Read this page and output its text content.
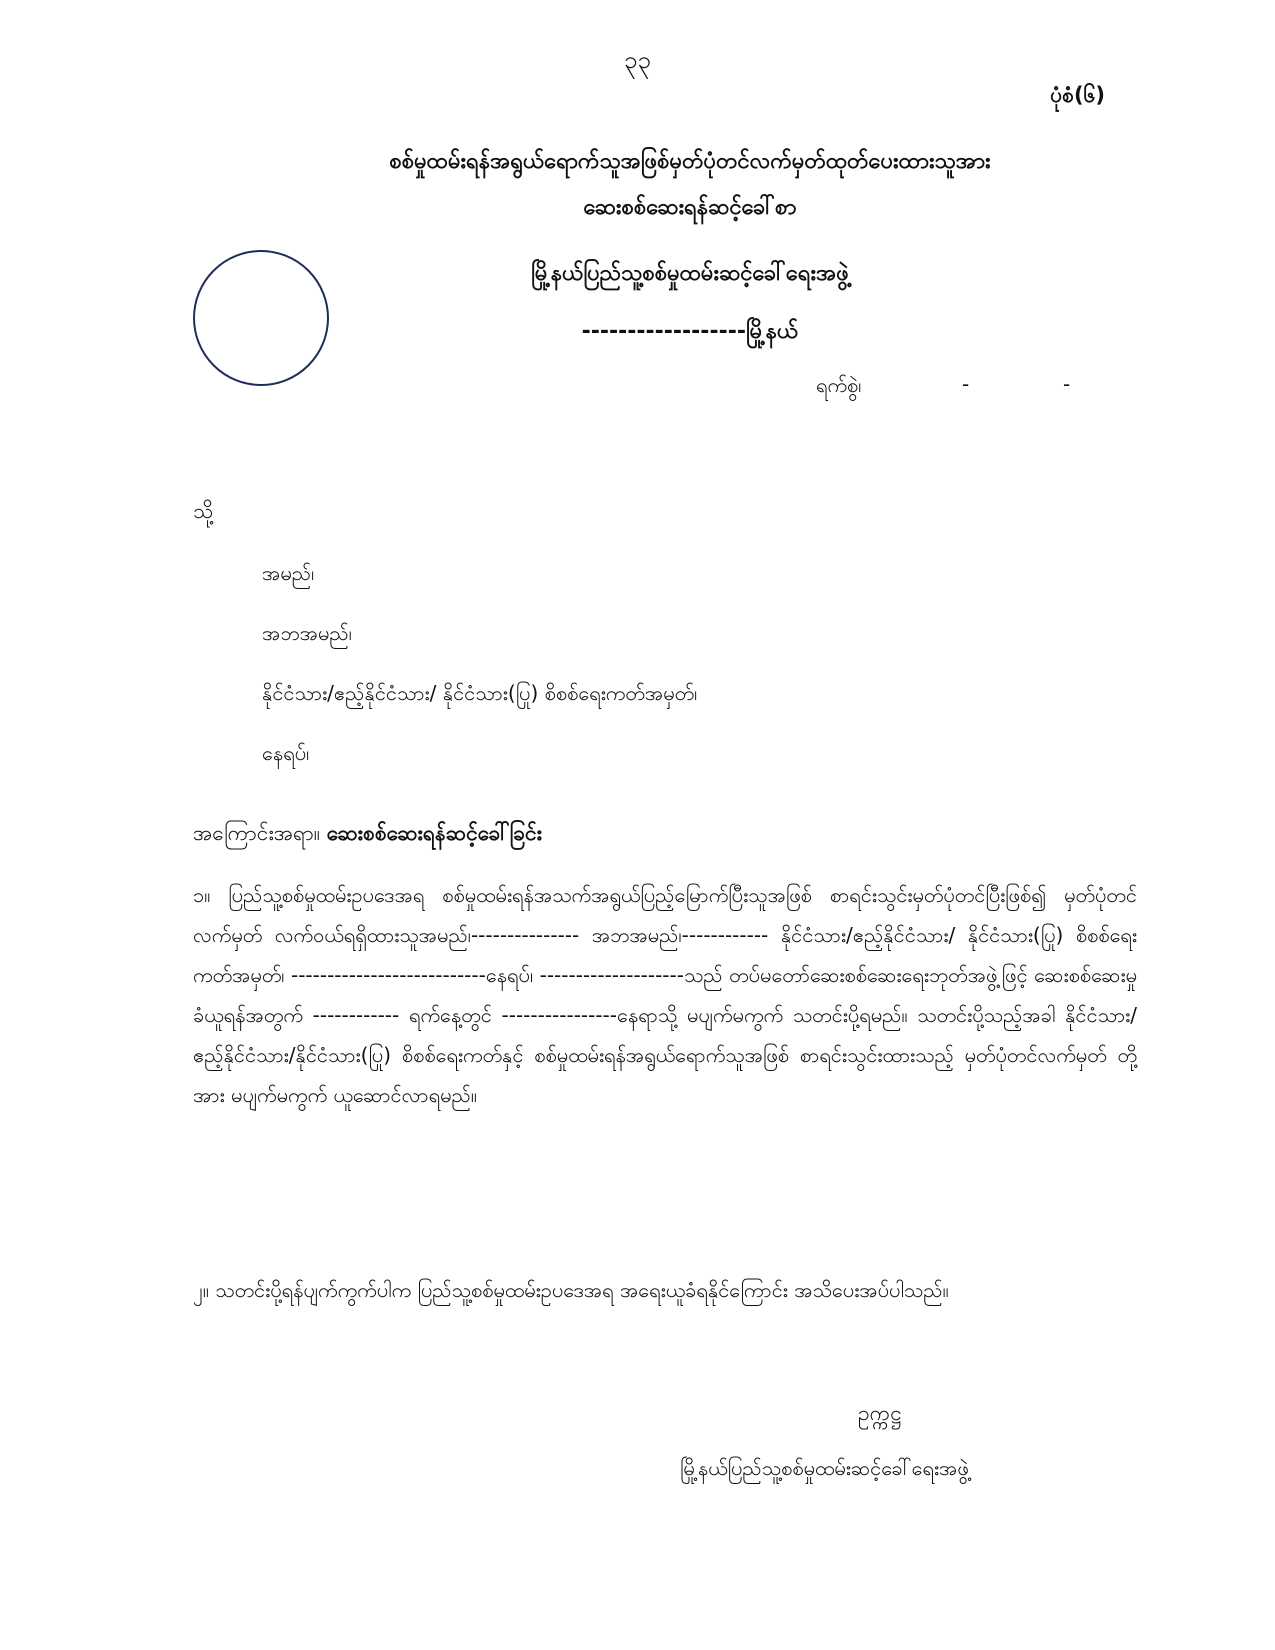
၃၃
ပုံစံ(၆)
စစ်မှုထမ်းရန်အရွယ်ရောက်သူအဖြစ်မှတ်ပုံတင်လက်မှတ်ထုတ်ပေးထားသူအား
ဆေးစစ်ဆေးရန်ဆင့်ခေါ်စာ
မြို့နယ်ပြည်သူ့စစ်မှုထမ်းဆင့်ခေါ်ရေးအဖွဲ့
------------------မြို့နယ်
ရက်စွဲ၊	-	-
သို့
အမည်၊
အဘအမည်၊
နိုင်ငံသား/ဧည့်နိုင်ငံသား/ နိုင်ငံသား(ပြု) စိစစ်ရေးကတ်အမှတ်၊
နေရပ်၊
အကြောင်းအရာ။ ဆေးစစ်ဆေးရန်ဆင့်ခေါ်ခြင်း
၁။ ပြည်သူ့စစ်မှုထမ်းဥပဒေအရ စစ်မှုထမ်းရန်အသက်အရွယ်ပြည့်မြောက်ပြီးသူအဖြစ် စာရင်းသွင်းမှတ်ပုံတင်ပြီးဖြစ်၍ မှတ်ပုံတင်လက်မှတ် လက်ဝယ်ရရှိထားသူအမည်၊--------------- အဘအမည်၊------------ နိုင်ငံသား/ဧည့်နိုင်ငံသား/ နိုင်ငံသား(ပြု) စိစစ်ရေးကတ်အမှတ်၊ ---------------------------နေရပ်၊ --------------------သည် တပ်မတော်ဆေးစစ်ဆေးရေးဘုတ်အဖွဲ့ဖြင့် ဆေးစစ်ဆေးမှု ခံယူရန်အတွက် ------------ ရက်နေ့တွင် ----------------နေရာသို့ မပျက်မကွက် သတင်းပို့ရမည်။ သတင်းပို့သည့်အခါ နိုင်ငံသား/ဧည့်နိုင်ငံသား/နိုင်ငံသား(ပြု) စိစစ်ရေးကတ်နှင့် စစ်မှုထမ်းရန်အရွယ်ရောက်သူအဖြစ် စာရင်းသွင်းထားသည့် မှတ်ပုံတင်လက်မှတ် တို့အား မပျက်မကွက် ယူဆောင်လာရမည်။
၂။ သတင်းပို့ရန်ပျက်ကွက်ပါက ပြည်သူ့စစ်မှုထမ်းဥပဒေအရ အရေးယူခံရနိုင်ကြောင်း အသိပေးအပ်ပါသည်။
ဥက္ကဋ္ဌ
မြို့နယ်ပြည်သူ့စစ်မှုထမ်းဆင့်ခေါ်ရေးအဖွဲ့
